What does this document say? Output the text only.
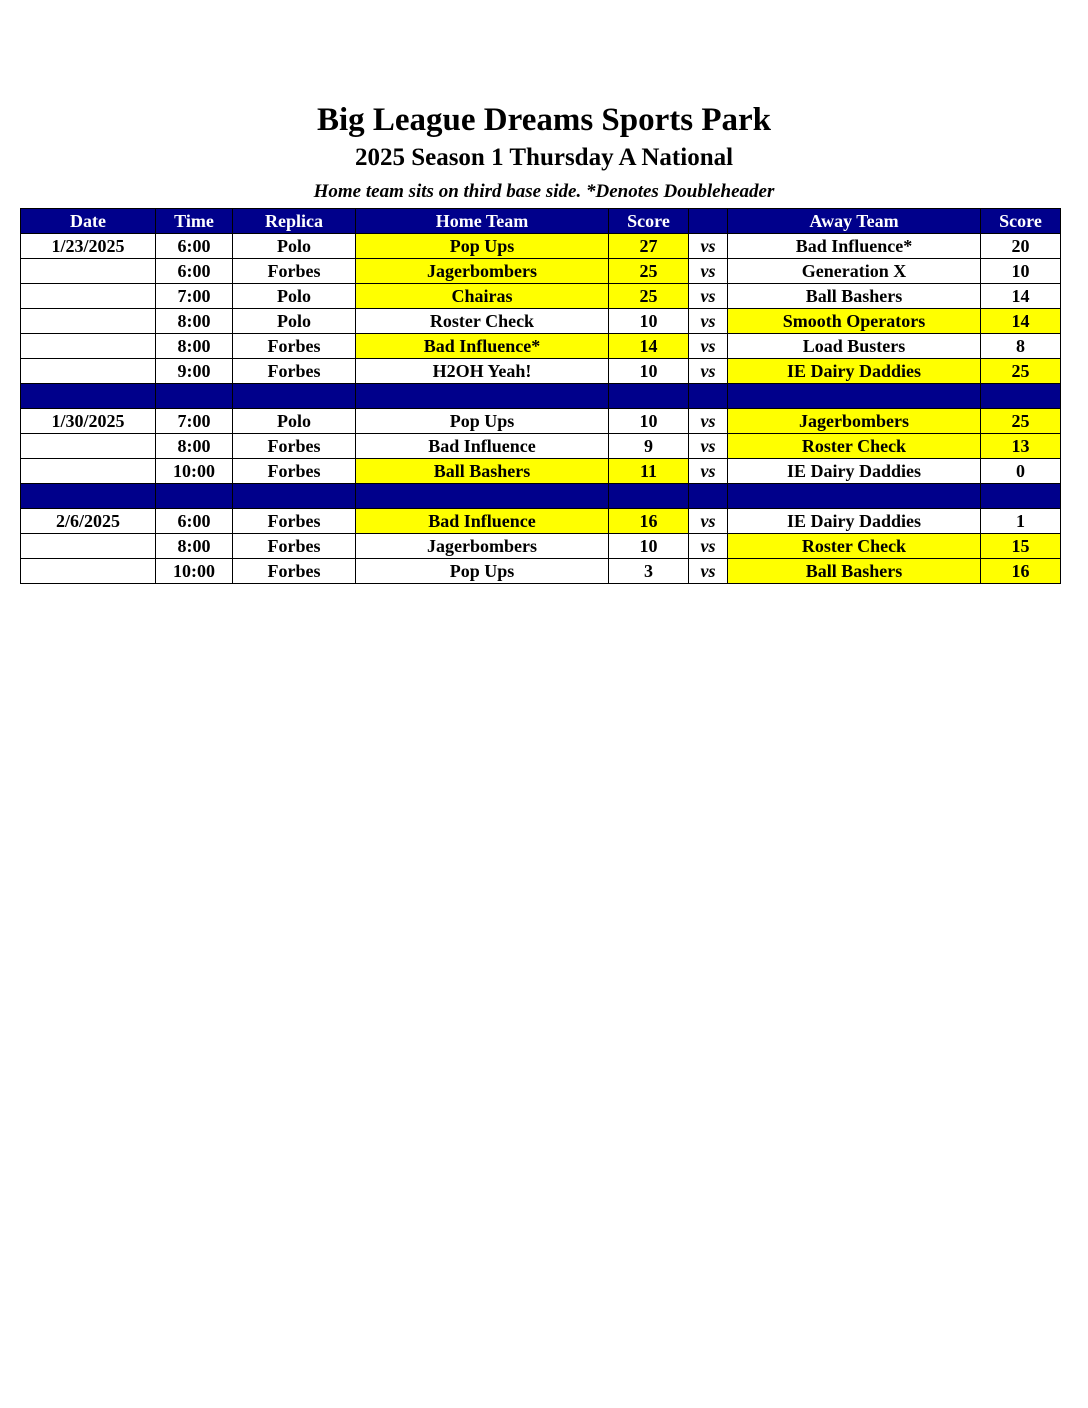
Big League Dreams Sports Park
2025 Season 1 Thursday A National
Home team sits on third base side. *Denotes Doubleheader
Date	Time	Replica	Home Team	Score		Away Team	Score
1/23/2025	6:00	Polo	Pop Ups	27	vs	Bad Influence*	20
	6:00	Forbes	Jagerbombers	25	vs	Generation X	10
	7:00	Polo	Chairas	25	vs	Ball Bashers	14
	8:00	Polo	Roster Check	10	vs	Smooth Operators	14
	8:00	Forbes	Bad Influence*	14	vs	Load Busters	8
	9:00	Forbes	H2OH Yeah!	10	vs	IE Dairy Daddies	25

1/30/2025	7:00	Polo	Pop Ups	10	vs	Jagerbombers	25
	8:00	Forbes	Bad Influence	9	vs	Roster Check	13
	10:00	Forbes	Ball Bashers	11	vs	IE Dairy Daddies	0

2/6/2025	6:00	Forbes	Bad Influence	16	vs	IE Dairy Daddies	1
	8:00	Forbes	Jagerbombers	10	vs	Roster Check	15
	10:00	Forbes	Pop Ups	3	vs	Ball Bashers	16
